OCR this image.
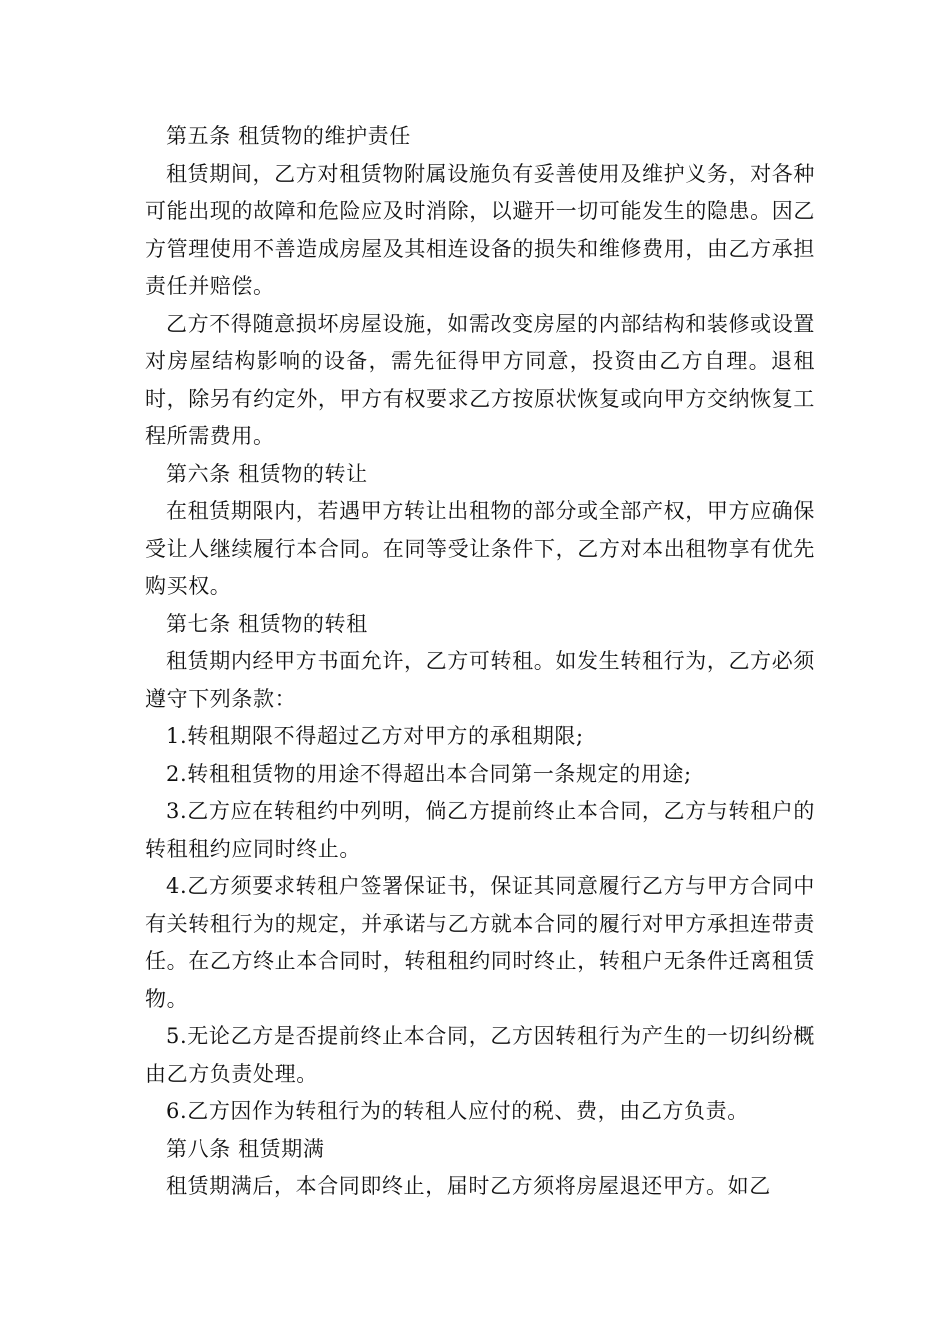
第五条 租赁物的维护责任

租赁期间，乙方对租赁物附属设施负有妥善使用及维护义务，对各种可能出现的故障和危险应及时消除，以避开一切可能发生的隐患。因乙方管理使用不善造成房屋及其相连设备的损失和维修费用，由乙方承担责任并赔偿。

乙方不得随意损坏房屋设施，如需改变房屋的内部结构和装修或设置对房屋结构影响的设备，需先征得甲方同意，投资由乙方自理。退租时，除另有约定外，甲方有权要求乙方按原状恢复或向甲方交纳恢复工程所需费用。

第六条 租赁物的转让

在租赁期限内，若遇甲方转让出租物的部分或全部产权，甲方应确保受让人继续履行本合同。在同等受让条件下，乙方对本出租物享有优先购买权。

第七条 租赁物的转租

租赁期内经甲方书面允许，乙方可转租。如发生转租行为，乙方必须遵守下列条款：

1.转租期限不得超过乙方对甲方的承租期限;

2.转租租赁物的用途不得超出本合同第一条规定的用途;

3.乙方应在转租约中列明，倘乙方提前终止本合同，乙方与转租户的转租租约应同时终止。

4.乙方须要求转租户签署保证书，保证其同意履行乙方与甲方合同中有关转租行为的规定，并承诺与乙方就本合同的履行对甲方承担连带责任。在乙方终止本合同时，转租租约同时终止，转租户无条件迁离租赁物。

5.无论乙方是否提前终止本合同，乙方因转租行为产生的一切纠纷概由乙方负责处理。

6.乙方因作为转租行为的转租人应付的税、费，由乙方负责。

第八条 租赁期满

租赁期满后，本合同即终止，届时乙方须将房屋退还甲方。如乙
